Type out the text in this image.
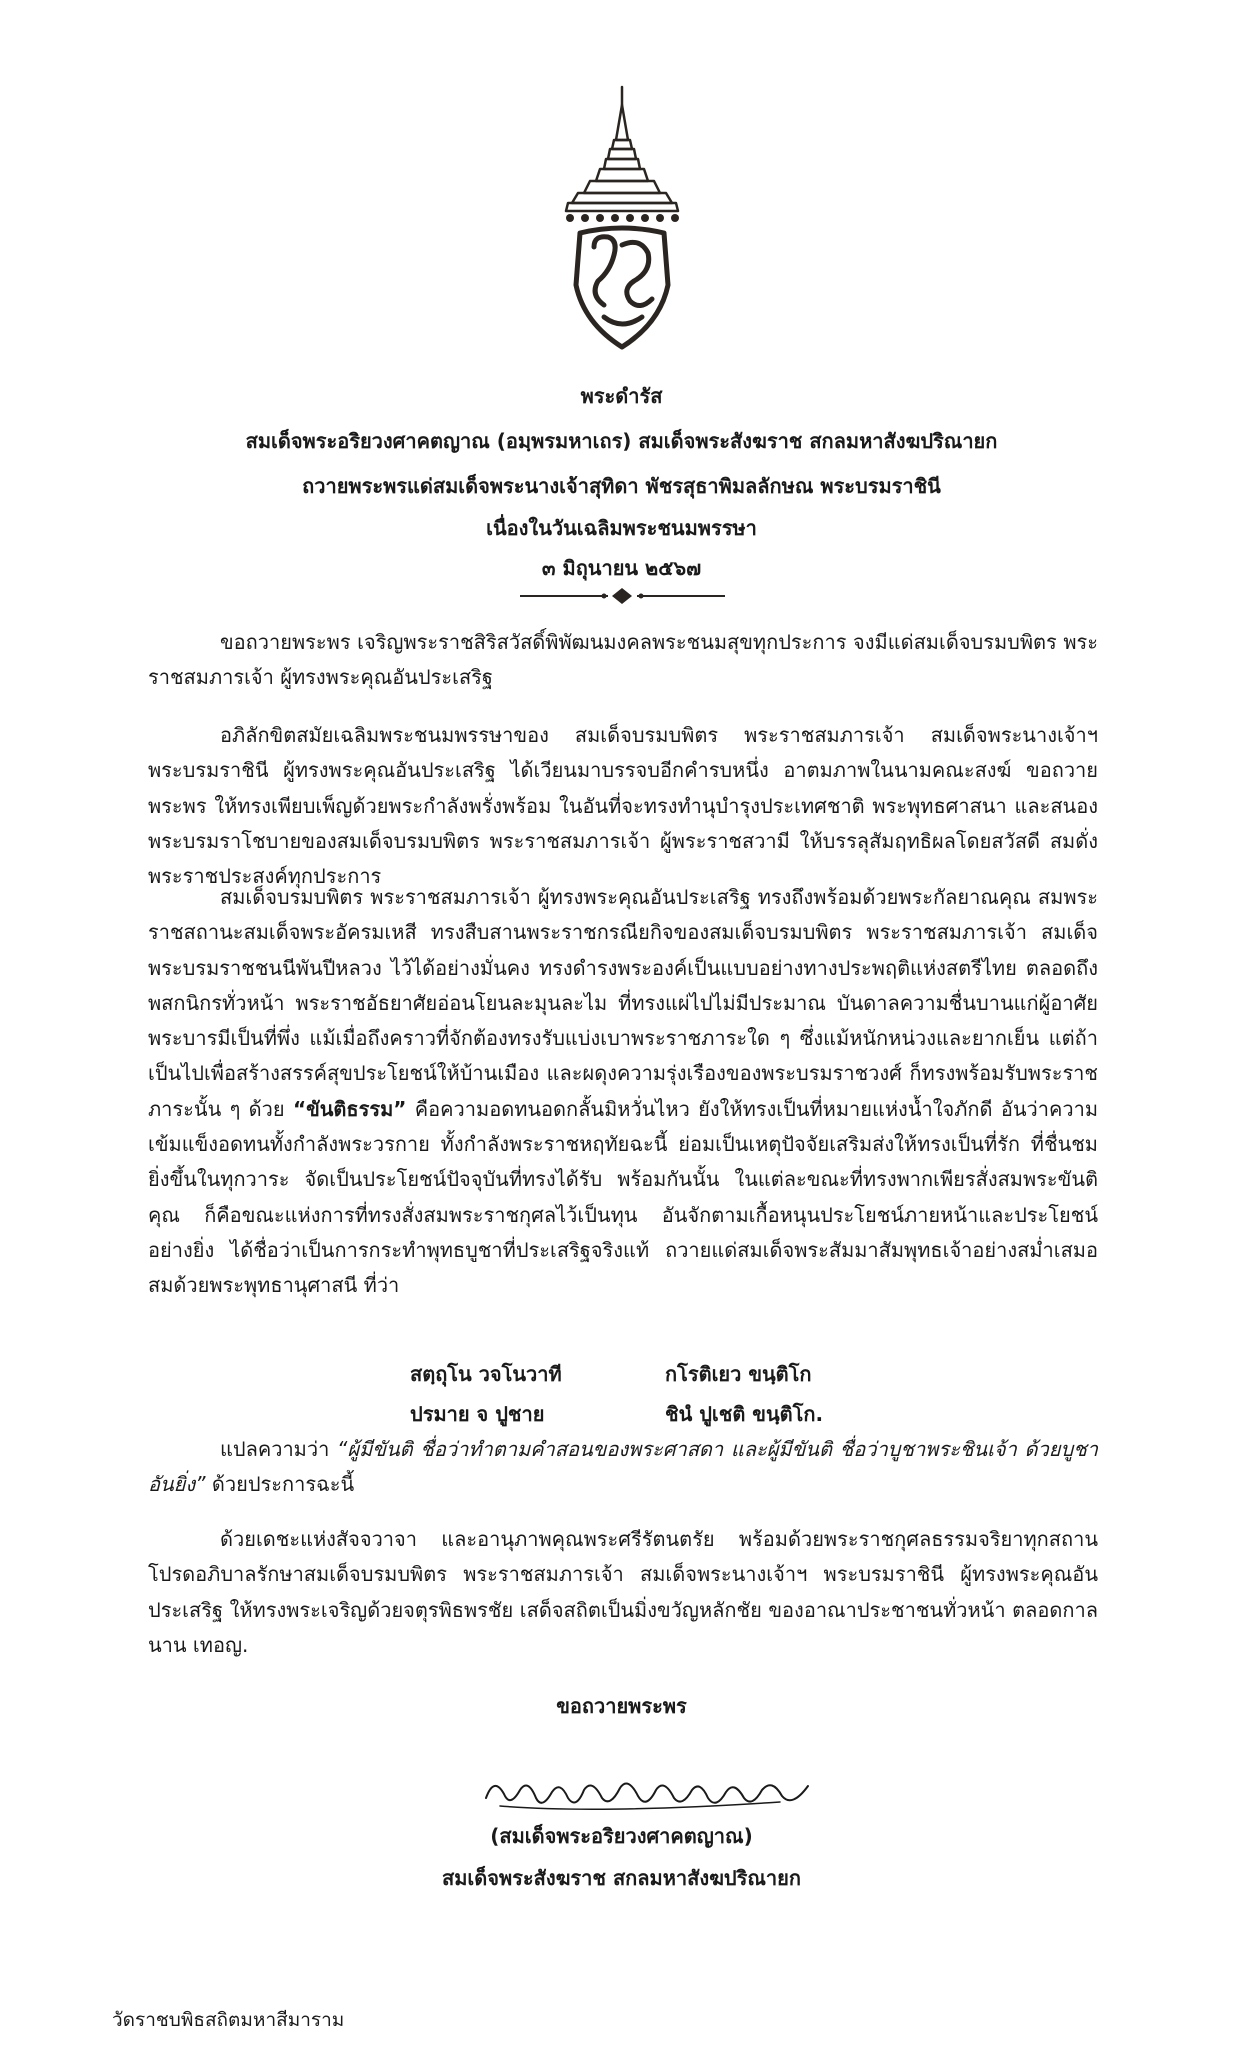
พระดำรัส
สมเด็จพระอริยวงศาคตญาณ (อมฺพรมหาเถร) สมเด็จพระสังฆราช สกลมหาสังฆปริณายก
ถวายพระพรแด่สมเด็จพระนางเจ้าสุทิดา พัชรสุธาพิมลลักษณ พระบรมราชินี
เนื่องในวันเฉลิมพระชนมพรรษา
๓ มิถุนายน ๒๕๖๗

ขอถวายพระพร เจริญพระราชสิริสวัสดิ์พิพัฒนมงคลพระชนมสุขทุกประการ จงมีแด่สมเด็จบรมบพิตร พระราชสมภารเจ้า ผู้ทรงพระคุณอันประเสริฐ

อภิลักขิตสมัยเฉลิมพระชนมพรรษาของ สมเด็จบรมบพิตร พระราชสมภารเจ้า สมเด็จพระนางเจ้าฯ พระบรมราชินี ผู้ทรงพระคุณอันประเสริฐ ได้เวียนมาบรรจบอีกคำรบหนึ่ง อาตมภาพในนามคณะสงฆ์ ขอถวายพระพร ให้ทรงเพียบเพ็ญด้วยพระกำลังพรั่งพร้อม ในอันที่จะทรงทำนุบำรุงประเทศชาติ พระพุทธศาสนา และสนองพระบรมราโชบายของสมเด็จบรมบพิตร พระราชสมภารเจ้า ผู้พระราชสวามี ให้บรรลุสัมฤทธิผลโดยสวัสดี สมดั่งพระราชประสงค์ทุกประการ

สมเด็จบรมบพิตร พระราชสมภารเจ้า ผู้ทรงพระคุณอันประเสริฐ ทรงถึงพร้อมด้วยพระกัลยาณคุณ สมพระราชสถานะสมเด็จพระอัครมเหสี ทรงสืบสานพระราชกรณียกิจของสมเด็จบรมบพิตร พระราชสมภารเจ้า สมเด็จพระบรมราชชนนีพันปีหลวง ไว้ได้อย่างมั่นคง ทรงดำรงพระองค์เป็นแบบอย่างทางประพฤติแห่งสตรีไทย ตลอดถึงพสกนิกรทั่วหน้า พระราชอัธยาศัยอ่อนโยนละมุนละไม ที่ทรงแผ่ไปไม่มีประมาณ บันดาลความชื่นบานแก่ผู้อาศัยพระบารมีเป็นที่พึ่ง แม้เมื่อถึงคราวที่จักต้องทรงรับแบ่งเบาพระราชภาระใด ๆ ซึ่งแม้หนักหน่วงและยากเย็น แต่ถ้าเป็นไปเพื่อสร้างสรรค์สุขประโยชน์ให้บ้านเมือง และผดุงความรุ่งเรืองของพระบรมราชวงศ์ ก็ทรงพร้อมรับพระราชภาระนั้น ๆ ด้วย “ขันติธรรม” คือความอดทนอดกลั้นมิหวั่นไหว ยังให้ทรงเป็นที่หมายแห่งน้ำใจภักดี อันว่าความเข้มแข็งอดทนทั้งกำลังพระวรกาย ทั้งกำลังพระราชหฤทัยฉะนี้ ย่อมเป็นเหตุปัจจัยเสริมส่งให้ทรงเป็นที่รัก ที่ชื่นชมยิ่งขึ้นในทุกวาระ จัดเป็นประโยชน์ปัจจุบันที่ทรงได้รับ พร้อมกันนั้น ในแต่ละขณะที่ทรงพากเพียรสั่งสมพระขันติคุณ ก็คือขณะแห่งการที่ทรงสั่งสมพระราชกุศลไว้เป็นทุน อันจักตามเกื้อหนุนประโยชน์ภายหน้าและประโยชน์อย่างยิ่ง ได้ชื่อว่าเป็นการกระทำพุทธบูชาที่ประเสริฐจริงแท้ ถวายแด่สมเด็จพระสัมมาสัมพุทธเจ้าอย่างสม่ำเสมอ สมด้วยพระพุทธานุศาสนี ที่ว่า

สตฺถุโน วจโนวาที	กโรติเยว ขนฺติโก
ปรมาย จ ปูชาย	ชินํ ปูเชติ ขนฺติโก.

แปลความว่า “ผู้มีขันติ ชื่อว่าทำตามคำสอนของพระศาสดา และผู้มีขันติ ชื่อว่าบูชาพระชินเจ้า ด้วยบูชาอันยิ่ง” ด้วยประการฉะนี้

ด้วยเดชะแห่งสัจจวาจา และอานุภาพคุณพระศรีรัตนตรัย พร้อมด้วยพระราชกุศลธรรมจริยาทุกสถาน โปรดอภิบาลรักษาสมเด็จบรมบพิตร พระราชสมภารเจ้า สมเด็จพระนางเจ้าฯ พระบรมราชินี ผู้ทรงพระคุณอันประเสริฐ ให้ทรงพระเจริญด้วยจตุรพิธพรชัย เสด็จสถิตเป็นมิ่งขวัญหลักชัย ของอาณาประชาชนทั่วหน้า ตลอดกาลนาน เทอญ.

ขอถวายพระพร
(สมเด็จพระอริยวงศาคตญาณ)
สมเด็จพระสังฆราช สกลมหาสังฆปริณายก
วัดราชบพิธสถิตมหาสีมาราม
